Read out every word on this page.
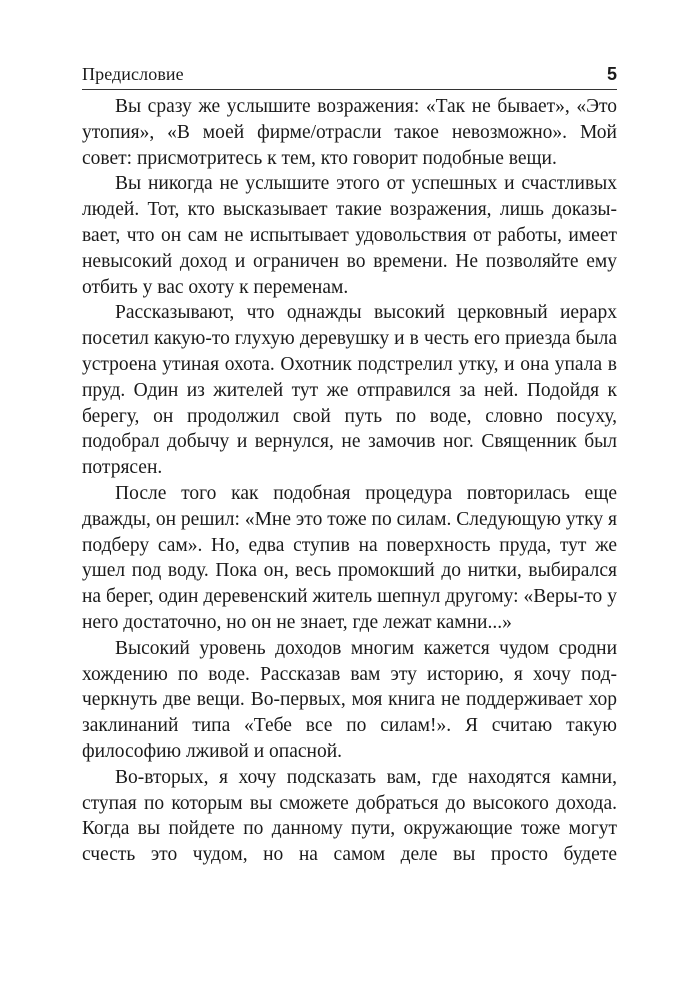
Предисловие	5

Вы сразу же услышите возражения: «Так не бывает», «Это утопия», «В моей фирме/отрасли такое невозможно». Мой совет: присмотритесь к тем, кто говорит подобные вещи.

Вы никогда не услышите этого от успешных и счастливых людей. Тот, кто высказывает такие возражения, лишь доказывает, что он сам не испытывает удовольствия от работы, имеет невысокий доход и ограничен во времени. Не позволяйте ему отбить у вас охоту к переменам.

Рассказывают, что однажды высокий церковный иерарх посетил какую-то глухую деревушку и в честь его приезда была устроена утиная охота. Охотник подстрелил утку, и она упала в пруд. Один из жителей тут же отправился за ней. Подойдя к берегу, он продолжил свой путь по воде, словно посуху, подобрал добычу и вернулся, не замочив ног. Священник был потрясен.

После того как подобная процедура повторилась еще дважды, он решил: «Мне это тоже по силам. Следующую утку я подберу сам». Но, едва ступив на поверхность пруда, тут же ушел под воду. Пока он, весь промокший до нитки, выбирался на берег, один деревенский житель шепнул другому: «Веры-то у него достаточно, но он не знает, где лежат камни...»

Высокий уровень доходов многим кажется чудом сродни хождению по воде. Рассказав вам эту историю, я хочу подчеркнуть две вещи. Во-первых, моя книга не поддерживает хор заклинаний типа «Тебе все по силам!». Я считаю такую философию лживой и опасной.

Во-вторых, я хочу подсказать вам, где находятся камни, ступая по которым вы сможете добраться до высокого дохода. Когда вы пойдете по данному пути, окружающие тоже могут счесть это чудом, но на самом деле вы просто будете
